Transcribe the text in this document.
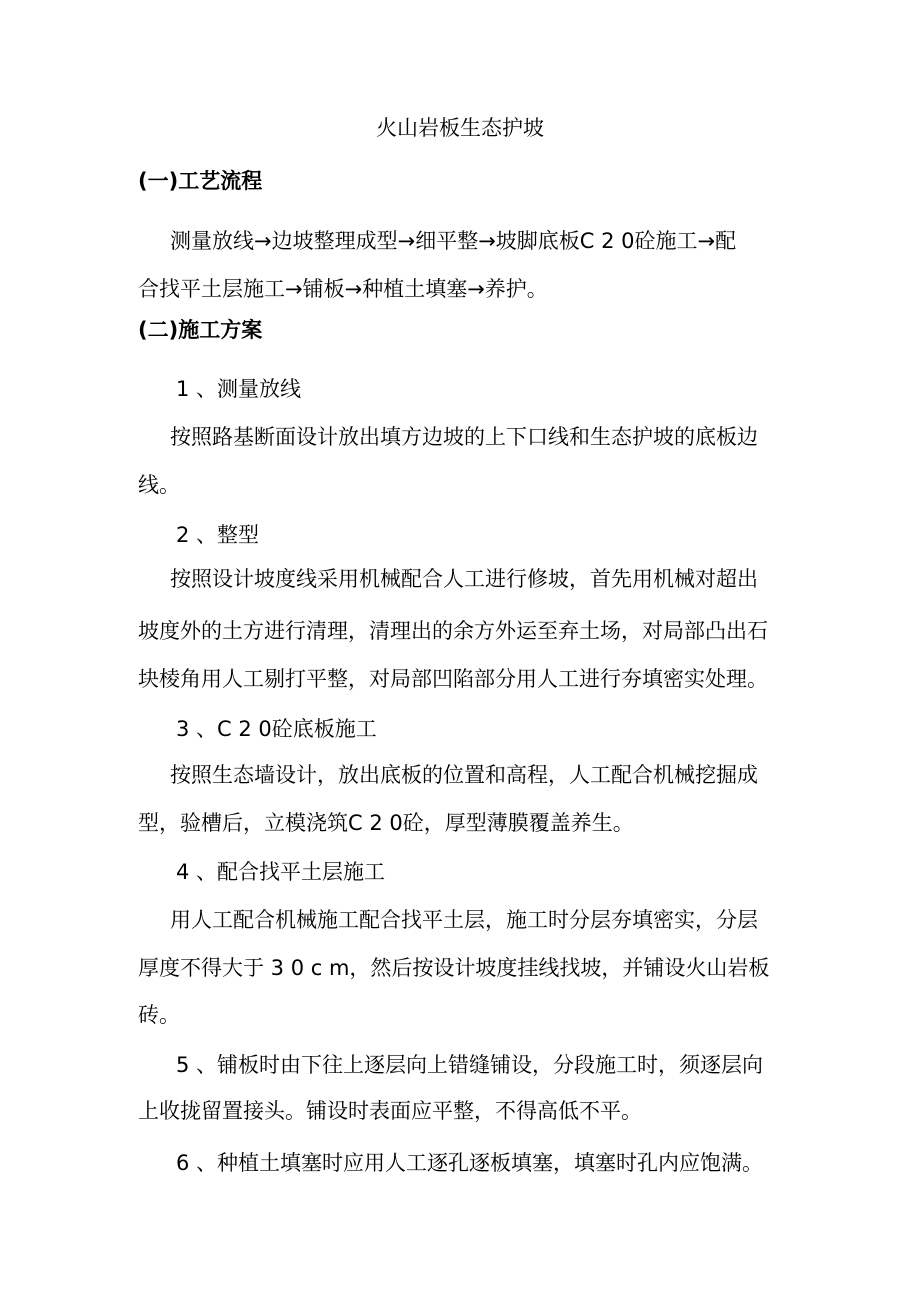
火山岩板生态护坡
(一)工艺流程
测量放线→边坡整理成型→细平整→坡脚底板C 2 0砼施工→配
合找平土层施工→铺板→种植土填塞→养护。
(二)施工方案
1 、测量放线
按照路基断面设计放出填方边坡的上下口线和生态护坡的底板边
线。
2 、整型
按照设计坡度线采用机械配合人工进行修坡，首先用机械对超出
坡度外的土方进行清理，清理出的余方外运至弃土场，对局部凸出石
块棱角用人工剔打平整，对局部凹陷部分用人工进行夯填密实处理。
3 、C 2 0砼底板施工
按照生态墙设计，放出底板的位置和高程，人工配合机械挖掘成
型，验槽后，立模浇筑C 2 0砼，厚型薄膜覆盖养生。
4 、配合找平土层施工
用人工配合机械施工配合找平土层，施工时分层夯填密实，分层
厚度不得大于 3 0 c m，然后按设计坡度挂线找坡，并铺设火山岩板
砖。
5 、铺板时由下往上逐层向上错缝铺设，分段施工时，须逐层向
上收拢留置接头。铺设时表面应平整，不得高低不平。
6 、种植土填塞时应用人工逐孔逐板填塞，填塞时孔内应饱满。
